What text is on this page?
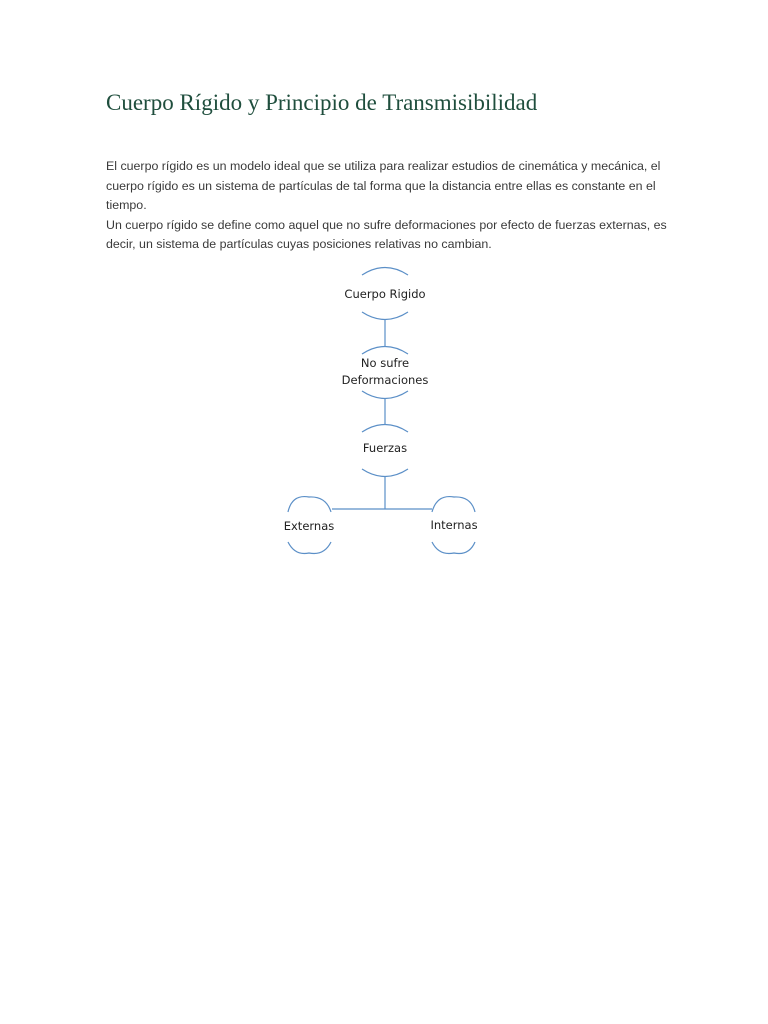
Cuerpo Rígido y Principio de Transmisibilidad

El cuerpo rígido es un modelo ideal que se utiliza para realizar estudios de cinemática y mecánica, el cuerpo rígido es un sistema de partículas de tal forma que la distancia entre ellas es constante en el tiempo.

Un cuerpo rígido se define como aquel que no sufre deformaciones por efecto de fuerzas externas, es decir, un sistema de partículas cuyas posiciones relativas no cambian.

Cuerpo Rigido
No sufre
Deformaciones
Fuerzas
Externas	Internas
